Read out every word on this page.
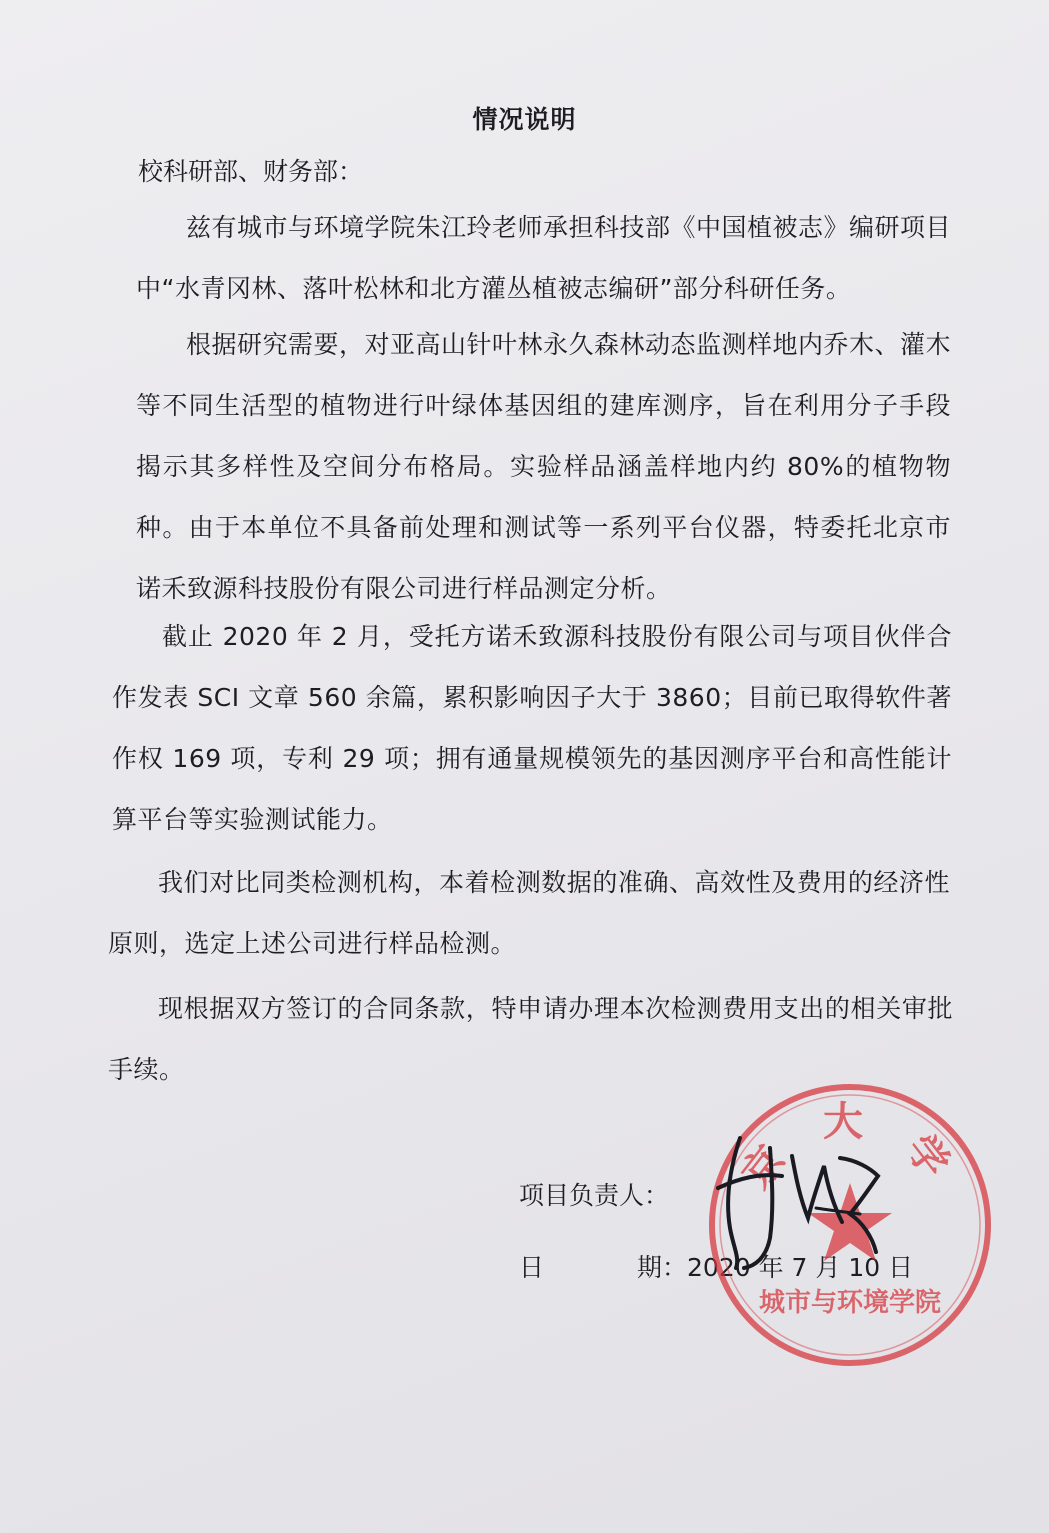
情况说明
校科研部、财务部：

兹有城市与环境学院朱江玲老师承担科技部《中国植被志》编研项目中“水青冈林、落叶松林和北方灌丛植被志编研”部分科研任务。

根据研究需要，对亚高山针叶林永久森林动态监测样地内乔木、灌木等不同生活型的植物进行叶绿体基因组的建库测序，旨在利用分子手段揭示其多样性及空间分布格局。实验样品涵盖样地内约 80%的植物物种。由于本单位不具备前处理和测试等一系列平台仪器，特委托北京市诺禾致源科技股份有限公司进行样品测定分析。

截止 2020 年 2 月，受托方诺禾致源科技股份有限公司与项目伙伴合作发表 SCI 文章 560 余篇，累积影响因子大于 3860；目前已取得软件著作权 169 项，专利 29 项；拥有通量规模领先的基因测序平台和高性能计算平台等实验测试能力。

我们对比同类检测机构，本着检测数据的准确、高效性及费用的经济性原则，选定上述公司进行样品检测。

现根据双方签订的合同条款，特申请办理本次检测费用支出的相关审批手续。

项目负责人：
日	期：2020 年 7 月 10 日
京 大 学
城市与环境学院
